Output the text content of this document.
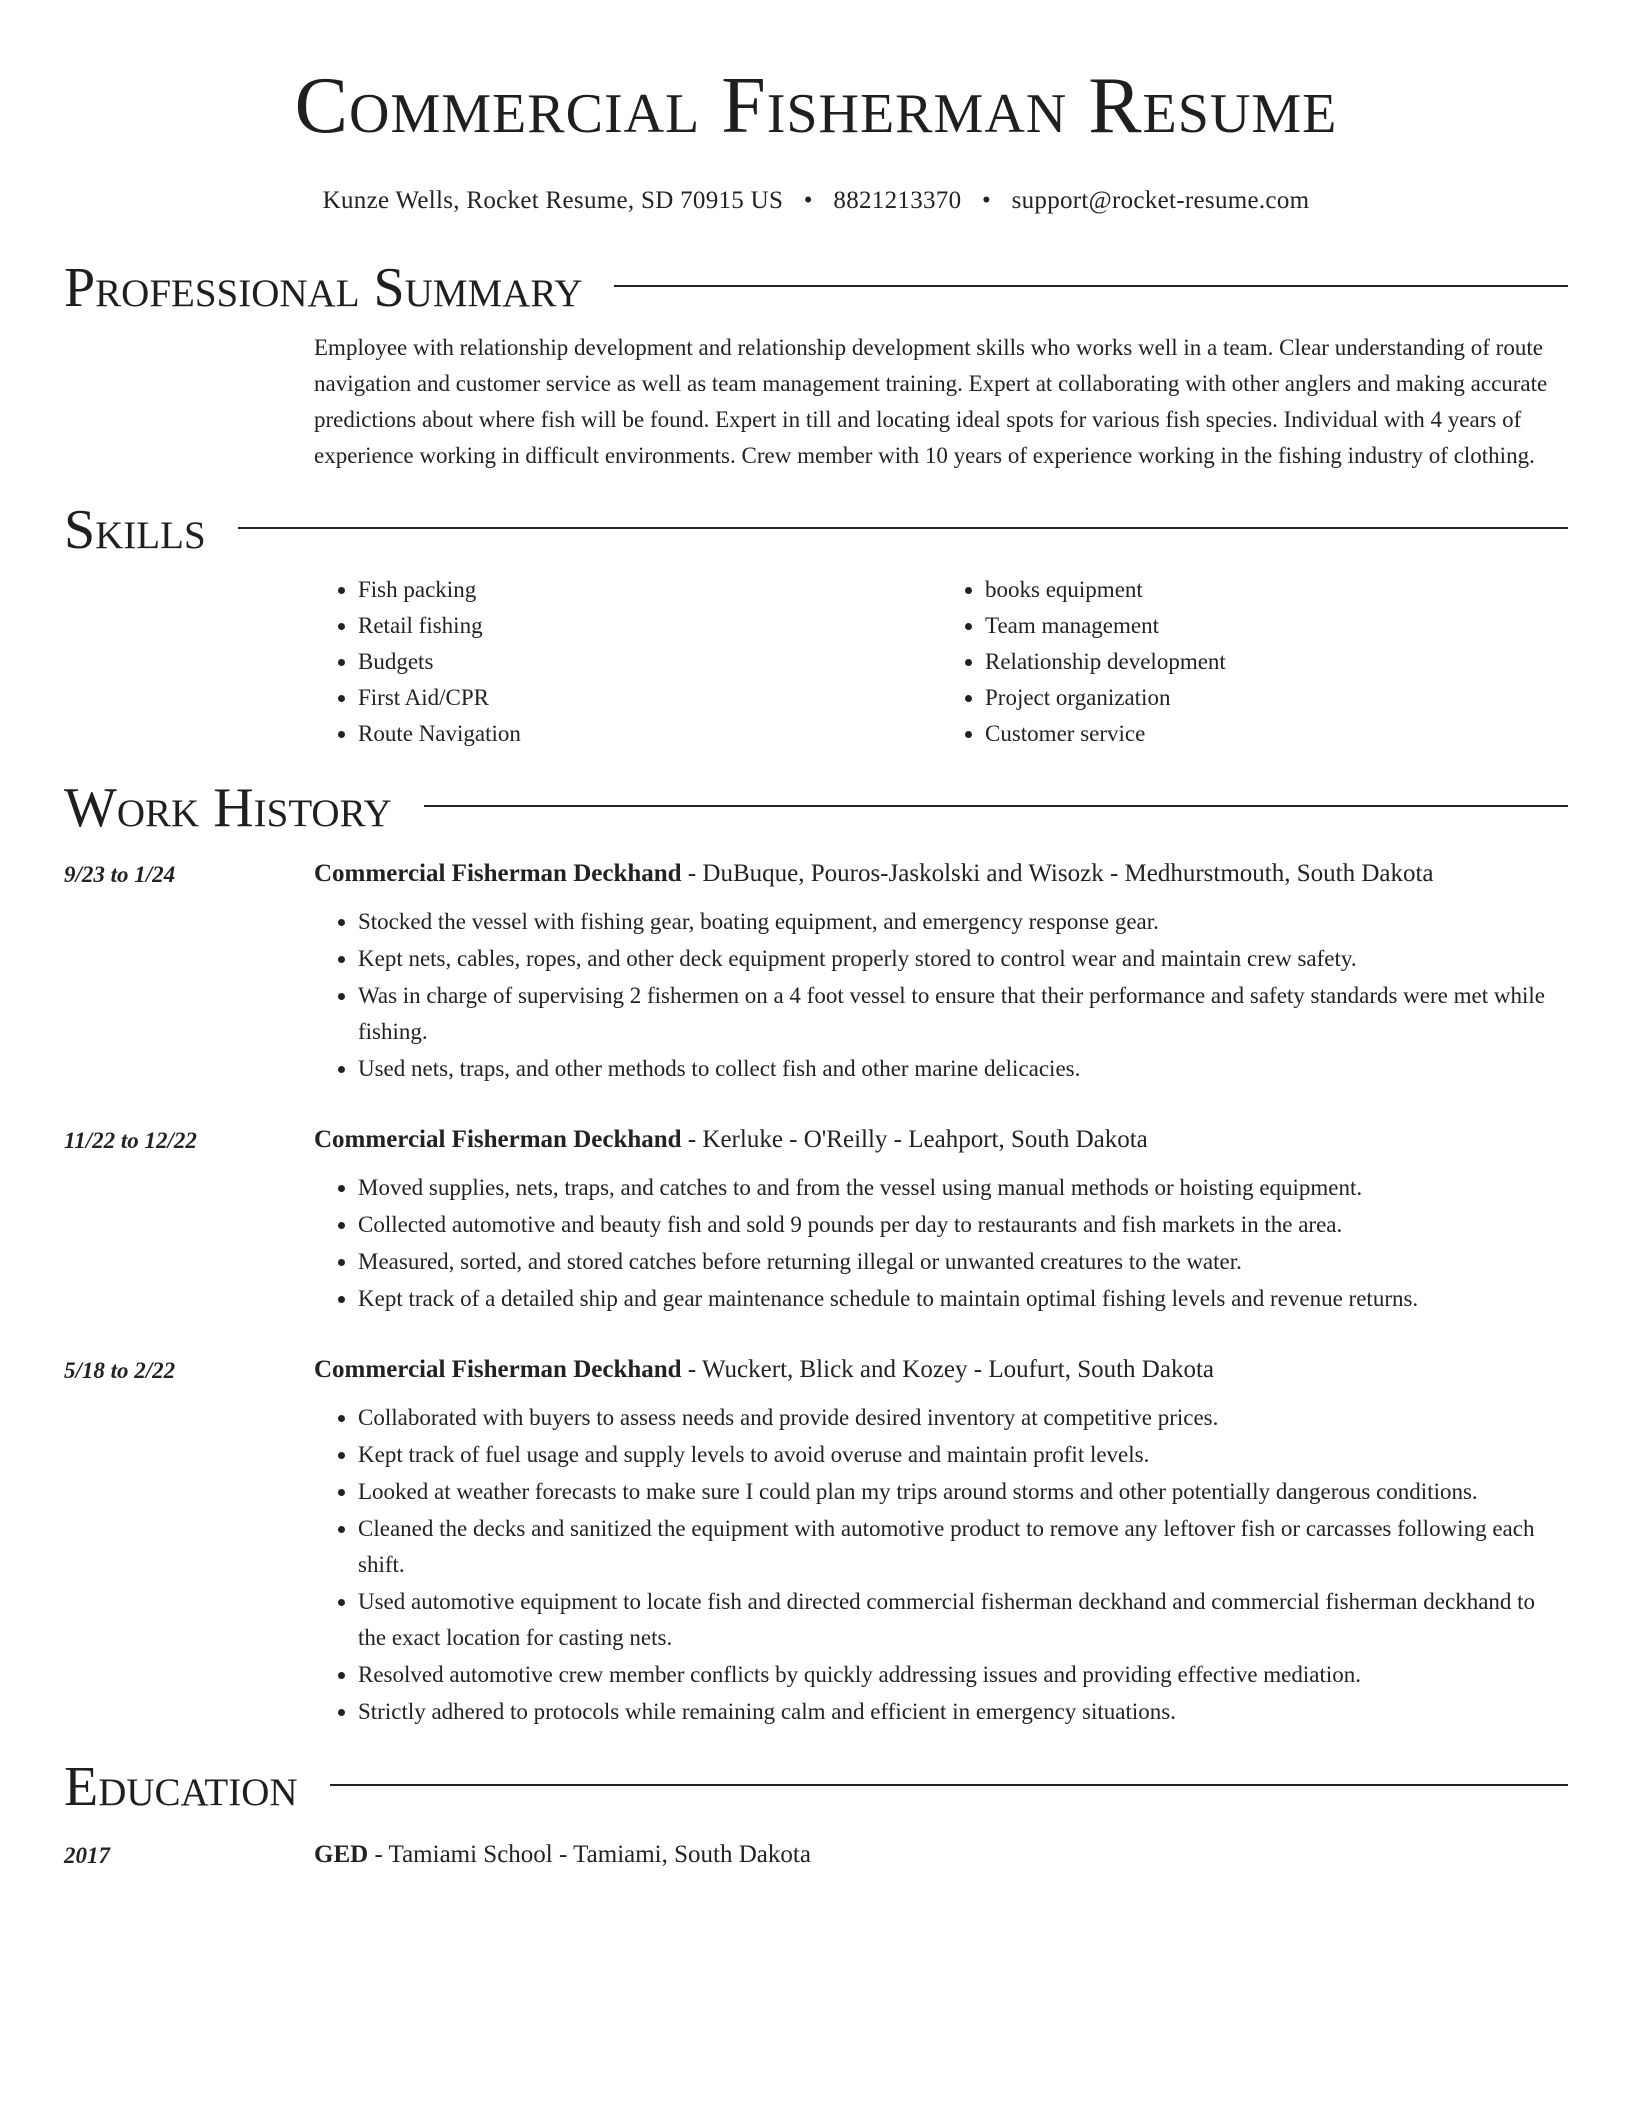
Commercial Fisherman Resume
Kunze Wells, Rocket Resume, SD 70915 US • 8821213370 • support@rocket-resume.com
Professional Summary
Employee with relationship development and relationship development skills who works well in a team. Clear understanding of route navigation and customer service as well as team management training. Expert at collaborating with other anglers and making accurate predictions about where fish will be found. Expert in till and locating ideal spots for various fish species. Individual with 4 years of experience working in difficult environments. Crew member with 10 years of experience working in the fishing industry of clothing.
Skills
• Fish packing
• Retail fishing
• Budgets
• First Aid/CPR
• Route Navigation
• books equipment
• Team management
• Relationship development
• Project organization
• Customer service
Work History
9/23 to 1/24	Commercial Fisherman Deckhand - DuBuque, Pouros-Jaskolski and Wisozk - Medhurstmouth, South Dakota
• Stocked the vessel with fishing gear, boating equipment, and emergency response gear.
• Kept nets, cables, ropes, and other deck equipment properly stored to control wear and maintain crew safety.
• Was in charge of supervising 2 fishermen on a 4 foot vessel to ensure that their performance and safety standards were met while fishing.
• Used nets, traps, and other methods to collect fish and other marine delicacies.
11/22 to 12/22	Commercial Fisherman Deckhand - Kerluke - O'Reilly - Leahport, South Dakota
• Moved supplies, nets, traps, and catches to and from the vessel using manual methods or hoisting equipment.
• Collected automotive and beauty fish and sold 9 pounds per day to restaurants and fish markets in the area.
• Measured, sorted, and stored catches before returning illegal or unwanted creatures to the water.
• Kept track of a detailed ship and gear maintenance schedule to maintain optimal fishing levels and revenue returns.
5/18 to 2/22	Commercial Fisherman Deckhand - Wuckert, Blick and Kozey - Loufurt, South Dakota
• Collaborated with buyers to assess needs and provide desired inventory at competitive prices.
• Kept track of fuel usage and supply levels to avoid overuse and maintain profit levels.
• Looked at weather forecasts to make sure I could plan my trips around storms and other potentially dangerous conditions.
• Cleaned the decks and sanitized the equipment with automotive product to remove any leftover fish or carcasses following each shift.
• Used automotive equipment to locate fish and directed commercial fisherman deckhand and commercial fisherman deckhand to the exact location for casting nets.
• Resolved automotive crew member conflicts by quickly addressing issues and providing effective mediation.
• Strictly adhered to protocols while remaining calm and efficient in emergency situations.
Education
2017	GED - Tamiami School - Tamiami, South Dakota
